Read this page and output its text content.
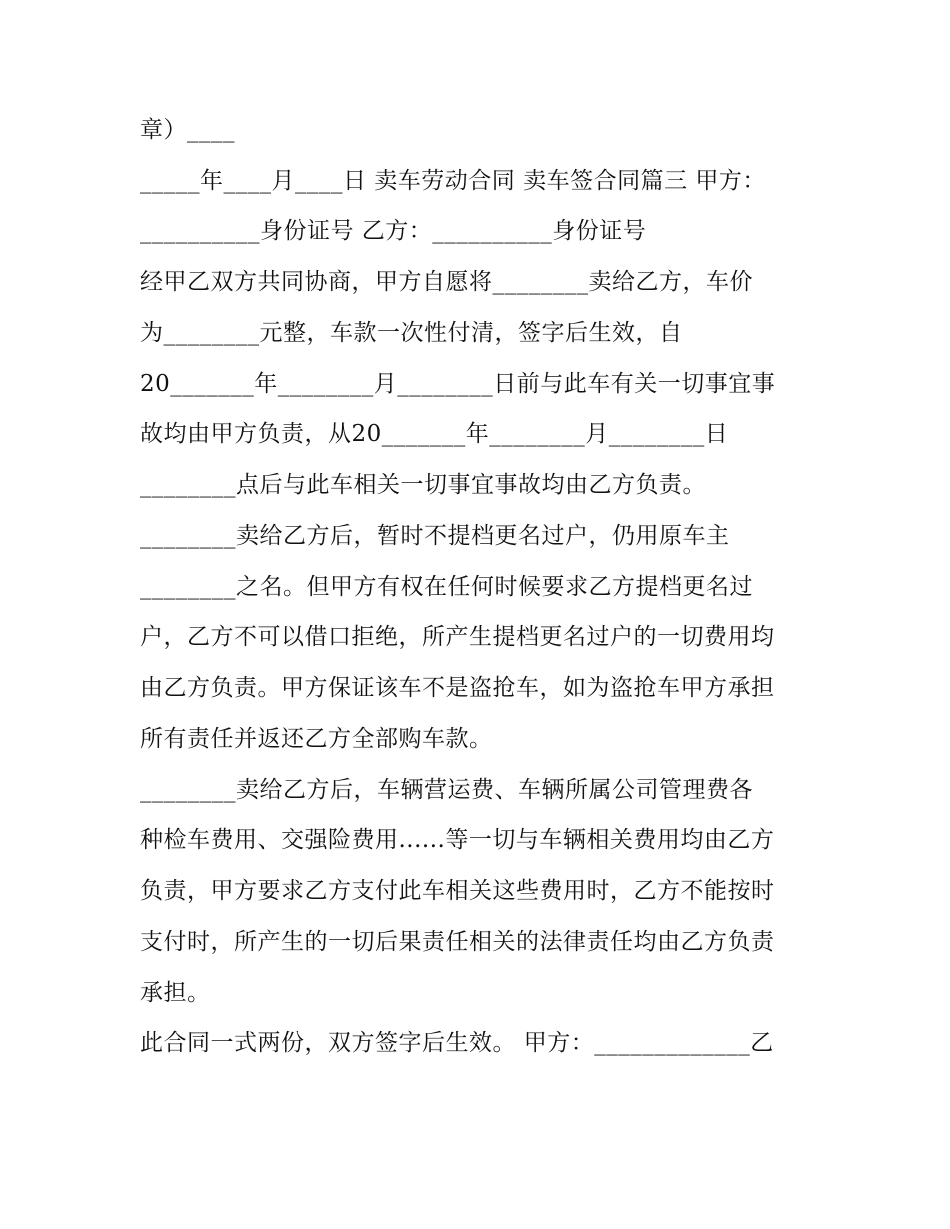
章）____
_____年____月____日 卖车劳动合同 卖车签合同篇三 甲方：
__________身份证号 乙方：__________身份证号
经甲乙双方共同协商，甲方自愿将________卖给乙方，车价
为________元整，车款一次性付清，签字后生效，自
20_______年________月________日前与此车有关一切事宜事
故均由甲方负责，从20_______年________月________日
________点后与此车相关一切事宜事故均由乙方负责。
________卖给乙方后，暂时不提档更名过户，仍用原车主
________之名。但甲方有权在任何时候要求乙方提档更名过
户，乙方不可以借口拒绝，所产生提档更名过户的一切费用均
由乙方负责。甲方保证该车不是盗抢车，如为盗抢车甲方承担
所有责任并返还乙方全部购车款。
________卖给乙方后，车辆营运费、车辆所属公司管理费各
种检车费用、交强险费用......等一切与车辆相关费用均由乙方
负责，甲方要求乙方支付此车相关这些费用时，乙方不能按时
支付时，所产生的一切后果责任相关的法律责任均由乙方负责
承担。
此合同一式两份，双方签字后生效。 甲方：_____________乙
